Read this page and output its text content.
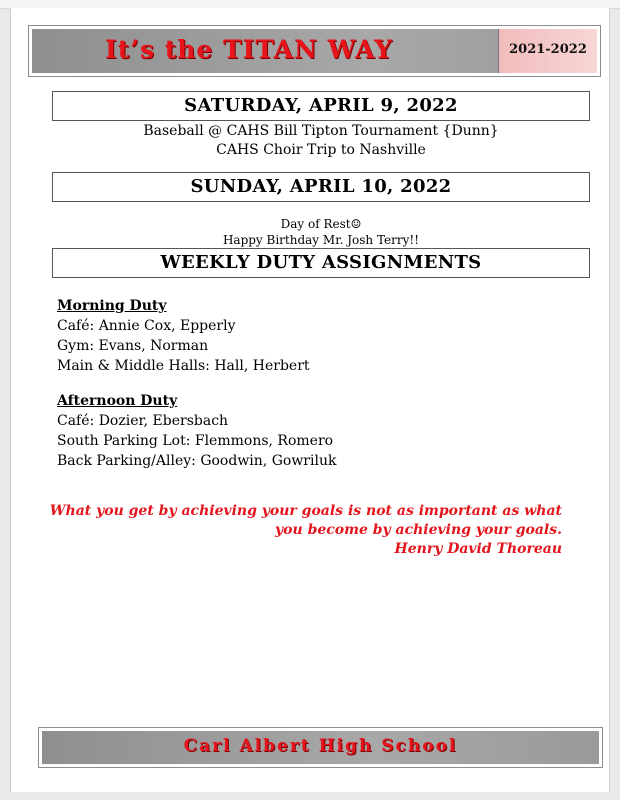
It’s the TITAN WAY	2021-2022
SATURDAY, APRIL 9, 2022
Baseball @ CAHS Bill Tipton Tournament {Dunn}
CAHS Choir Trip to Nashville
SUNDAY, APRIL 10, 2022
Day of Rest☺
Happy Birthday Mr. Josh Terry!!
WEEKLY DUTY ASSIGNMENTS
Morning Duty
Café: Annie Cox, Epperly
Gym: Evans, Norman
Main & Middle Halls: Hall, Herbert
Afternoon Duty
Café: Dozier, Ebersbach
South Parking Lot: Flemmons, Romero
Back Parking/Alley: Goodwin, Gowriluk
What you get by achieving your goals is not as important as what
you become by achieving your goals.
Henry David Thoreau
Carl Albert High School
